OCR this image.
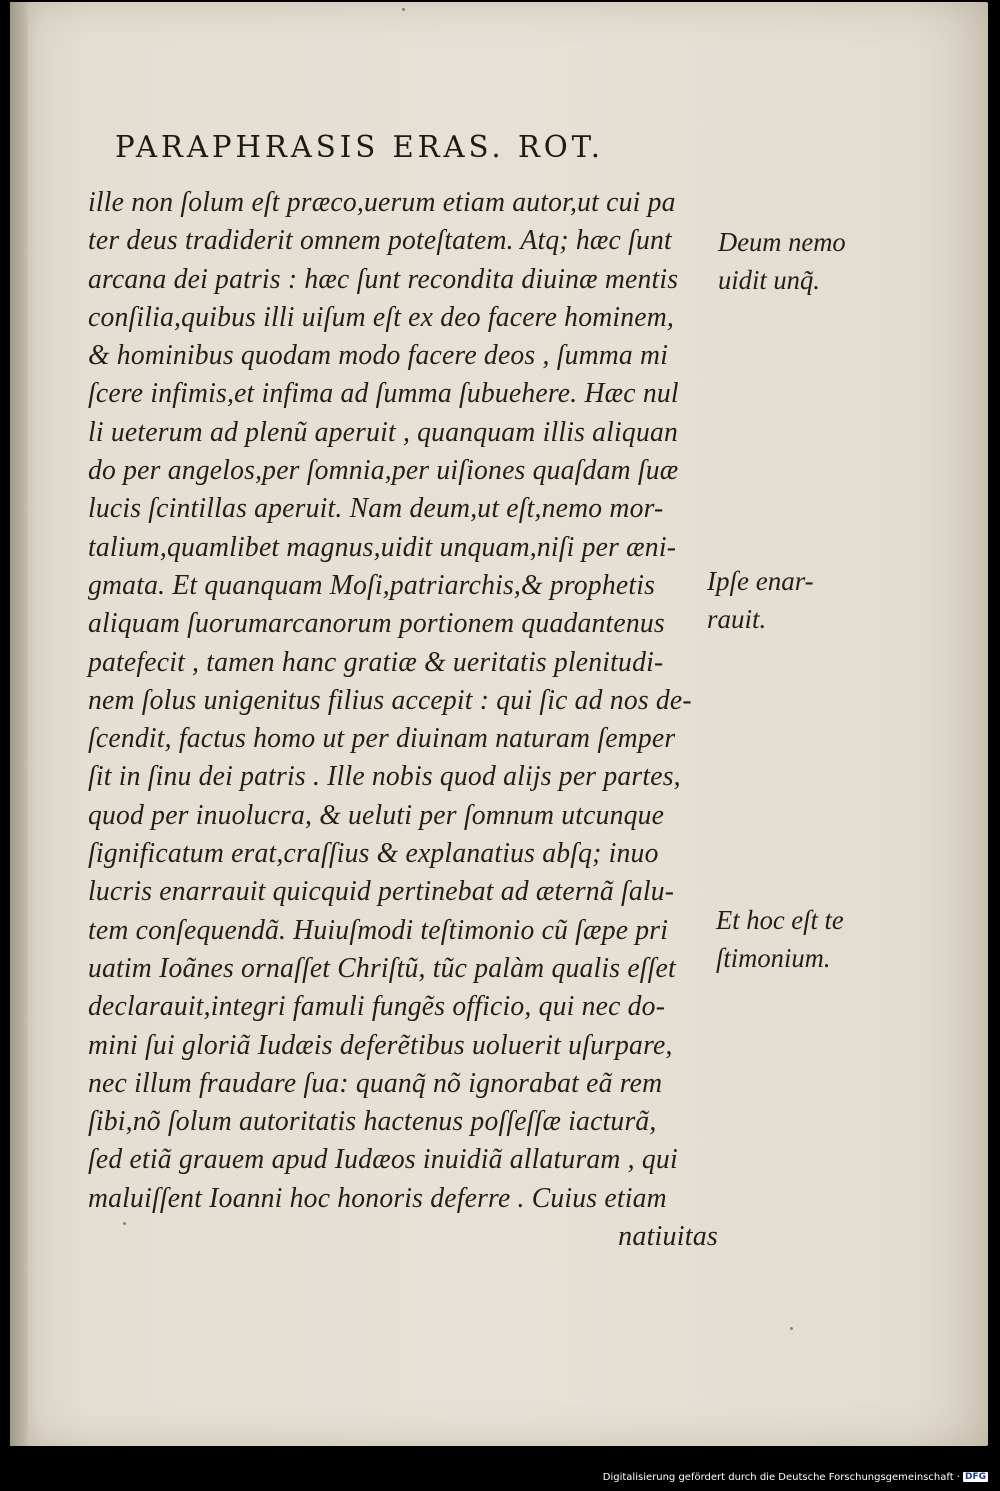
PARAPHRASIS ERAS. ROT.
ille non ſolum eſt præco,uerum etiam autor,ut cui pa
ter deus tradiderit omnem poteſtatem. Atq; hæc ſunt
arcana dei patris : hæc ſunt recondita diuinæ mentis
conſilia,quibus illi uiſum eſt ex deo facere hominem,
& hominibus quodam modo facere deos , ſumma mi
ſcere infimis,et infima ad ſumma ſubuehere. Hæc nul
li ueterum ad plenũ aperuit , quanquam illis aliquan
do per angelos,per ſomnia,per uiſiones quaſdam ſuæ
lucis ſcintillas aperuit. Nam deum,ut eſt,nemo mor-
talium,quamlibet magnus,uidit unquam,niſi per æni-
gmata. Et quanquam Moſi,patriarchis,& prophetis
aliquam ſuorumarcanorum portionem quadantenus
patefecit , tamen hanc gratiæ & ueritatis plenitudi-
nem ſolus unigenitus filius accepit : qui ſic ad nos de-
ſcendit, factus homo ut per diuinam naturam ſemper
ſit in ſinu dei patris . Ille nobis quod alijs per partes,
quod per inuolucra, & ueluti per ſomnum utcunque
ſignificatum erat,craſſius & explanatius abſq; inuo
lucris enarrauit quicquid pertinebat ad æternã ſalu-
tem conſequendã. Huiuſmodi teſtimonio cũ ſæpe pri
uatim Ioãnes ornaſſet Chriſtũ, tũc palàm qualis eſſet
declarauit,integri famuli fungẽs officio, qui nec do-
mini ſui gloriã Iudæis deferẽtibus uoluerit uſurpare,
nec illum fraudare ſua: quanq̃ nõ ignorabat eã rem
ſibi,nõ ſolum autoritatis hactenus poſſeſſæ iacturã,
ſed etiã grauem apud Iudæos inuidiã allaturam , qui
maluiſſent Ioanni hoc honoris deferre . Cuius etiam
natiuitas
Deum nemo
uidit unq̃.
Ipſe enar-
rauit.
Et hoc eſt te
ſtimonium.
Digitalisierung gefördert durch die Deutsche Forschungsgemeinschaft · DFG
